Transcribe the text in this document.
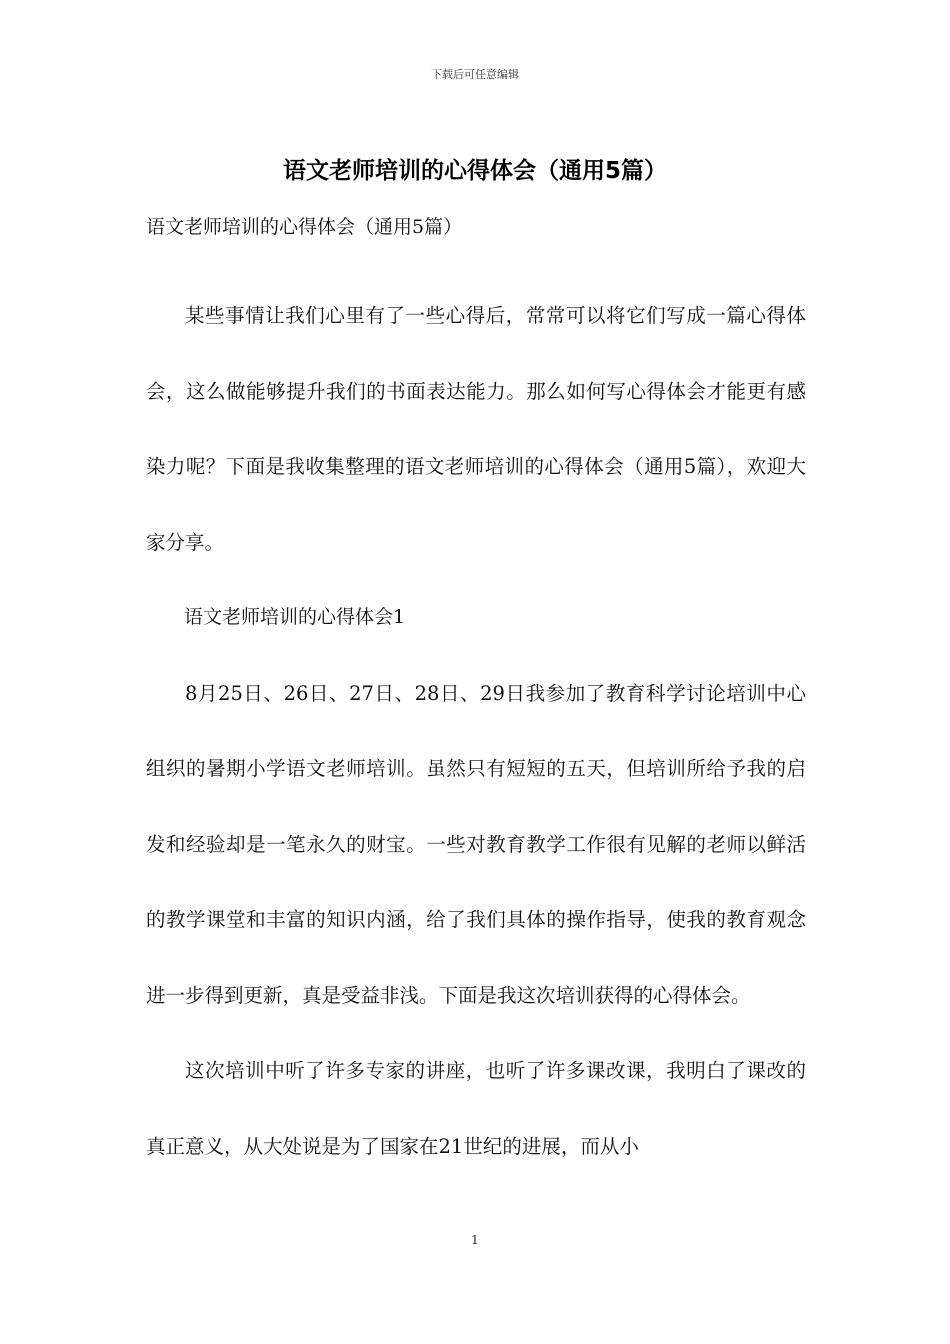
下载后可任意编辑
语文老师培训的心得体会（通用5篇）
语文老师培训的心得体会（通用5篇）

某些事情让我们心里有了一些心得后，常常可以将它们写成一篇心得体会，这么做能够提升我们的书面表达能力。那么如何写心得体会才能更有感染力呢？下面是我收集整理的语文老师培训的心得体会（通用5篇），欢迎大家分享。

语文老师培训的心得体会1

8月25日、26日、27日、28日、29日我参加了教育科学讨论培训中心组织的暑期小学语文老师培训。虽然只有短短的五天，但培训所给予我的启发和经验却是一笔永久的财宝。一些对教育教学工作很有见解的老师以鲜活的教学课堂和丰富的知识内涵，给了我们具体的操作指导，使我的教育观念进一步得到更新，真是受益非浅。下面是我这次培训获得的心得体会。

这次培训中听了许多专家的讲座，也听了许多课改课，我明白了课改的真正意义，从大处说是为了国家在21世纪的进展，而从小

1
